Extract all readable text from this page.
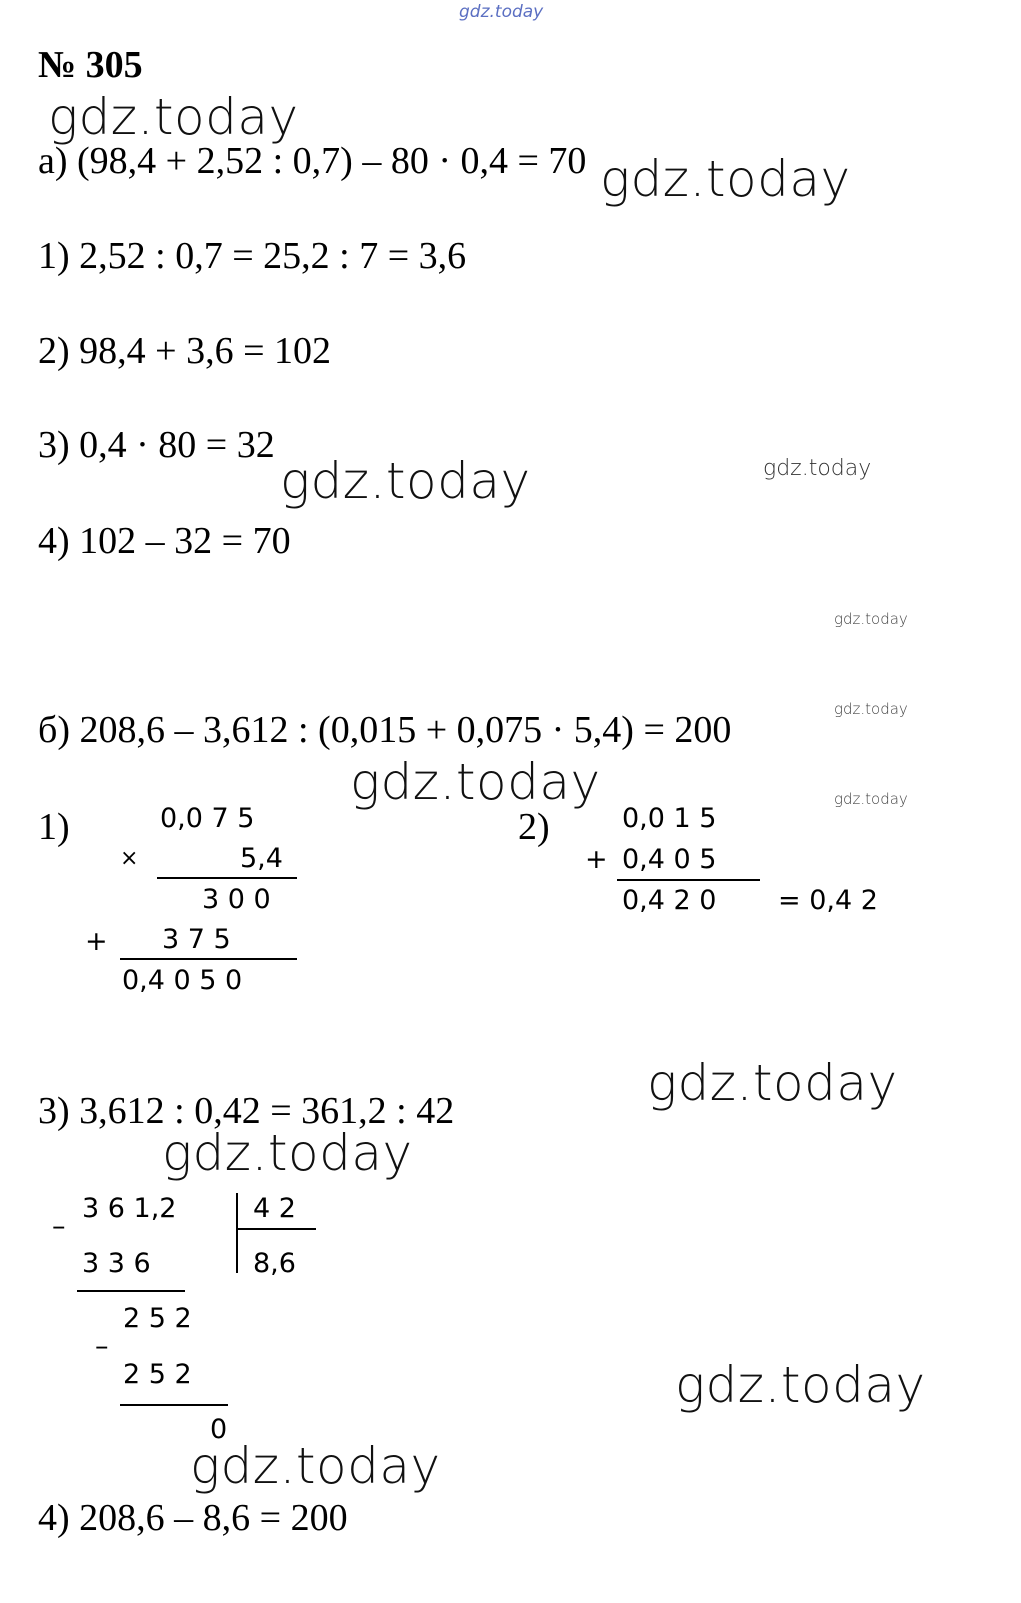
gdz.today
№ 305
gdz.today
gdz.today
gdz.today	gdz.today
gdz.today
gdz.today
gdz.today	gdz.today
gdz.today
gdz.today
gdz.today
gdz.today
а) (98,4 + 2,52 : 0,7) – 80 · 0,4 = 70
1) 2,52 : 0,7 = 25,2 : 7 = 3,6
2) 98,4 + 3,6 = 102
3) 0,4 · 80 = 32
4) 102 – 32 = 70
б) 208,6 – 3,612 : (0,015 + 0,075 · 5,4) = 200
1)	0,0 7 5
×	5,4
3 0 0
+ 3 7 5
0,4 0 5 0
2)	0,0 1 5
+ 0,4 0 5
0,4 2 0 = 0,4 2
3) 3,612 : 0,42 = 361,2 : 42
–
3 6 1,2	4 2
3 3 6	8,6
2 5 2
–
2 5 2
0
4) 208,6 – 8,6 = 200
